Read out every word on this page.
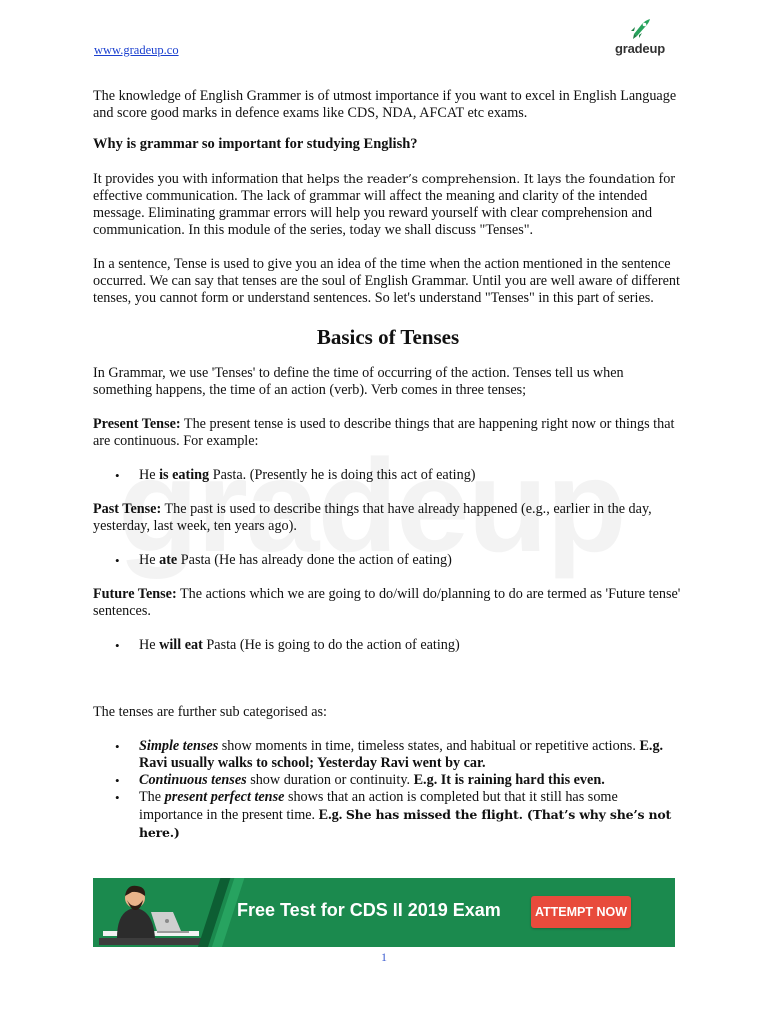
www.gradeup.co	gradeup

The knowledge of English Grammer is of utmost importance if you want to excel in English Language and score good marks in defence exams like CDS, NDA, AFCAT etc exams.

Why is grammar so important for studying English?

It provides you with information that helps the reader’s comprehension. It lays the foundation for effective communication. The lack of grammar will affect the meaning and clarity of the intended message. Eliminating grammar errors will help you reward yourself with clear comprehension and communication. In this module of the series, today we shall discuss "Tenses".

In a sentence, Tense is used to give you an idea of the time when the action mentioned in the sentence occurred. We can say that tenses are the soul of English Grammar. Until you are well aware of different tenses, you cannot form or understand sentences. So let's understand "Tenses" in this part of series.

Basics of Tenses

In Grammar, we use 'Tenses' to define the time of occurring of the action. Tenses tell us when something happens, the time of an action (verb). Verb comes in three tenses;

Present Tense: The present tense is used to describe things that are happening right now or things that are continuous. For example:

• He is eating Pasta. (Presently he is doing this act of eating)

Past Tense: The past is used to describe things that have already happened (e.g., earlier in the day, yesterday, last week, ten years ago).

• He ate Pasta (He has already done the action of eating)

Future Tense: The actions which we are going to do/will do/planning to do are termed as 'Future tense' sentences.

• He will eat Pasta (He is going to do the action of eating)

The tenses are further sub categorised as:

• Simple tenses show moments in time, timeless states, and habitual or repetitive actions. E.g. Ravi usually walks to school; Yesterday Ravi went by car.
• Continuous tenses show duration or continuity. E.g. It is raining hard this even.
• The present perfect tense shows that an action is completed but that it still has some importance in the present time. E.g. She has missed the flight. (That’s why she’s not here.)
Free Test for CDS II 2019 Exam	ATTEMPT NOW
1
